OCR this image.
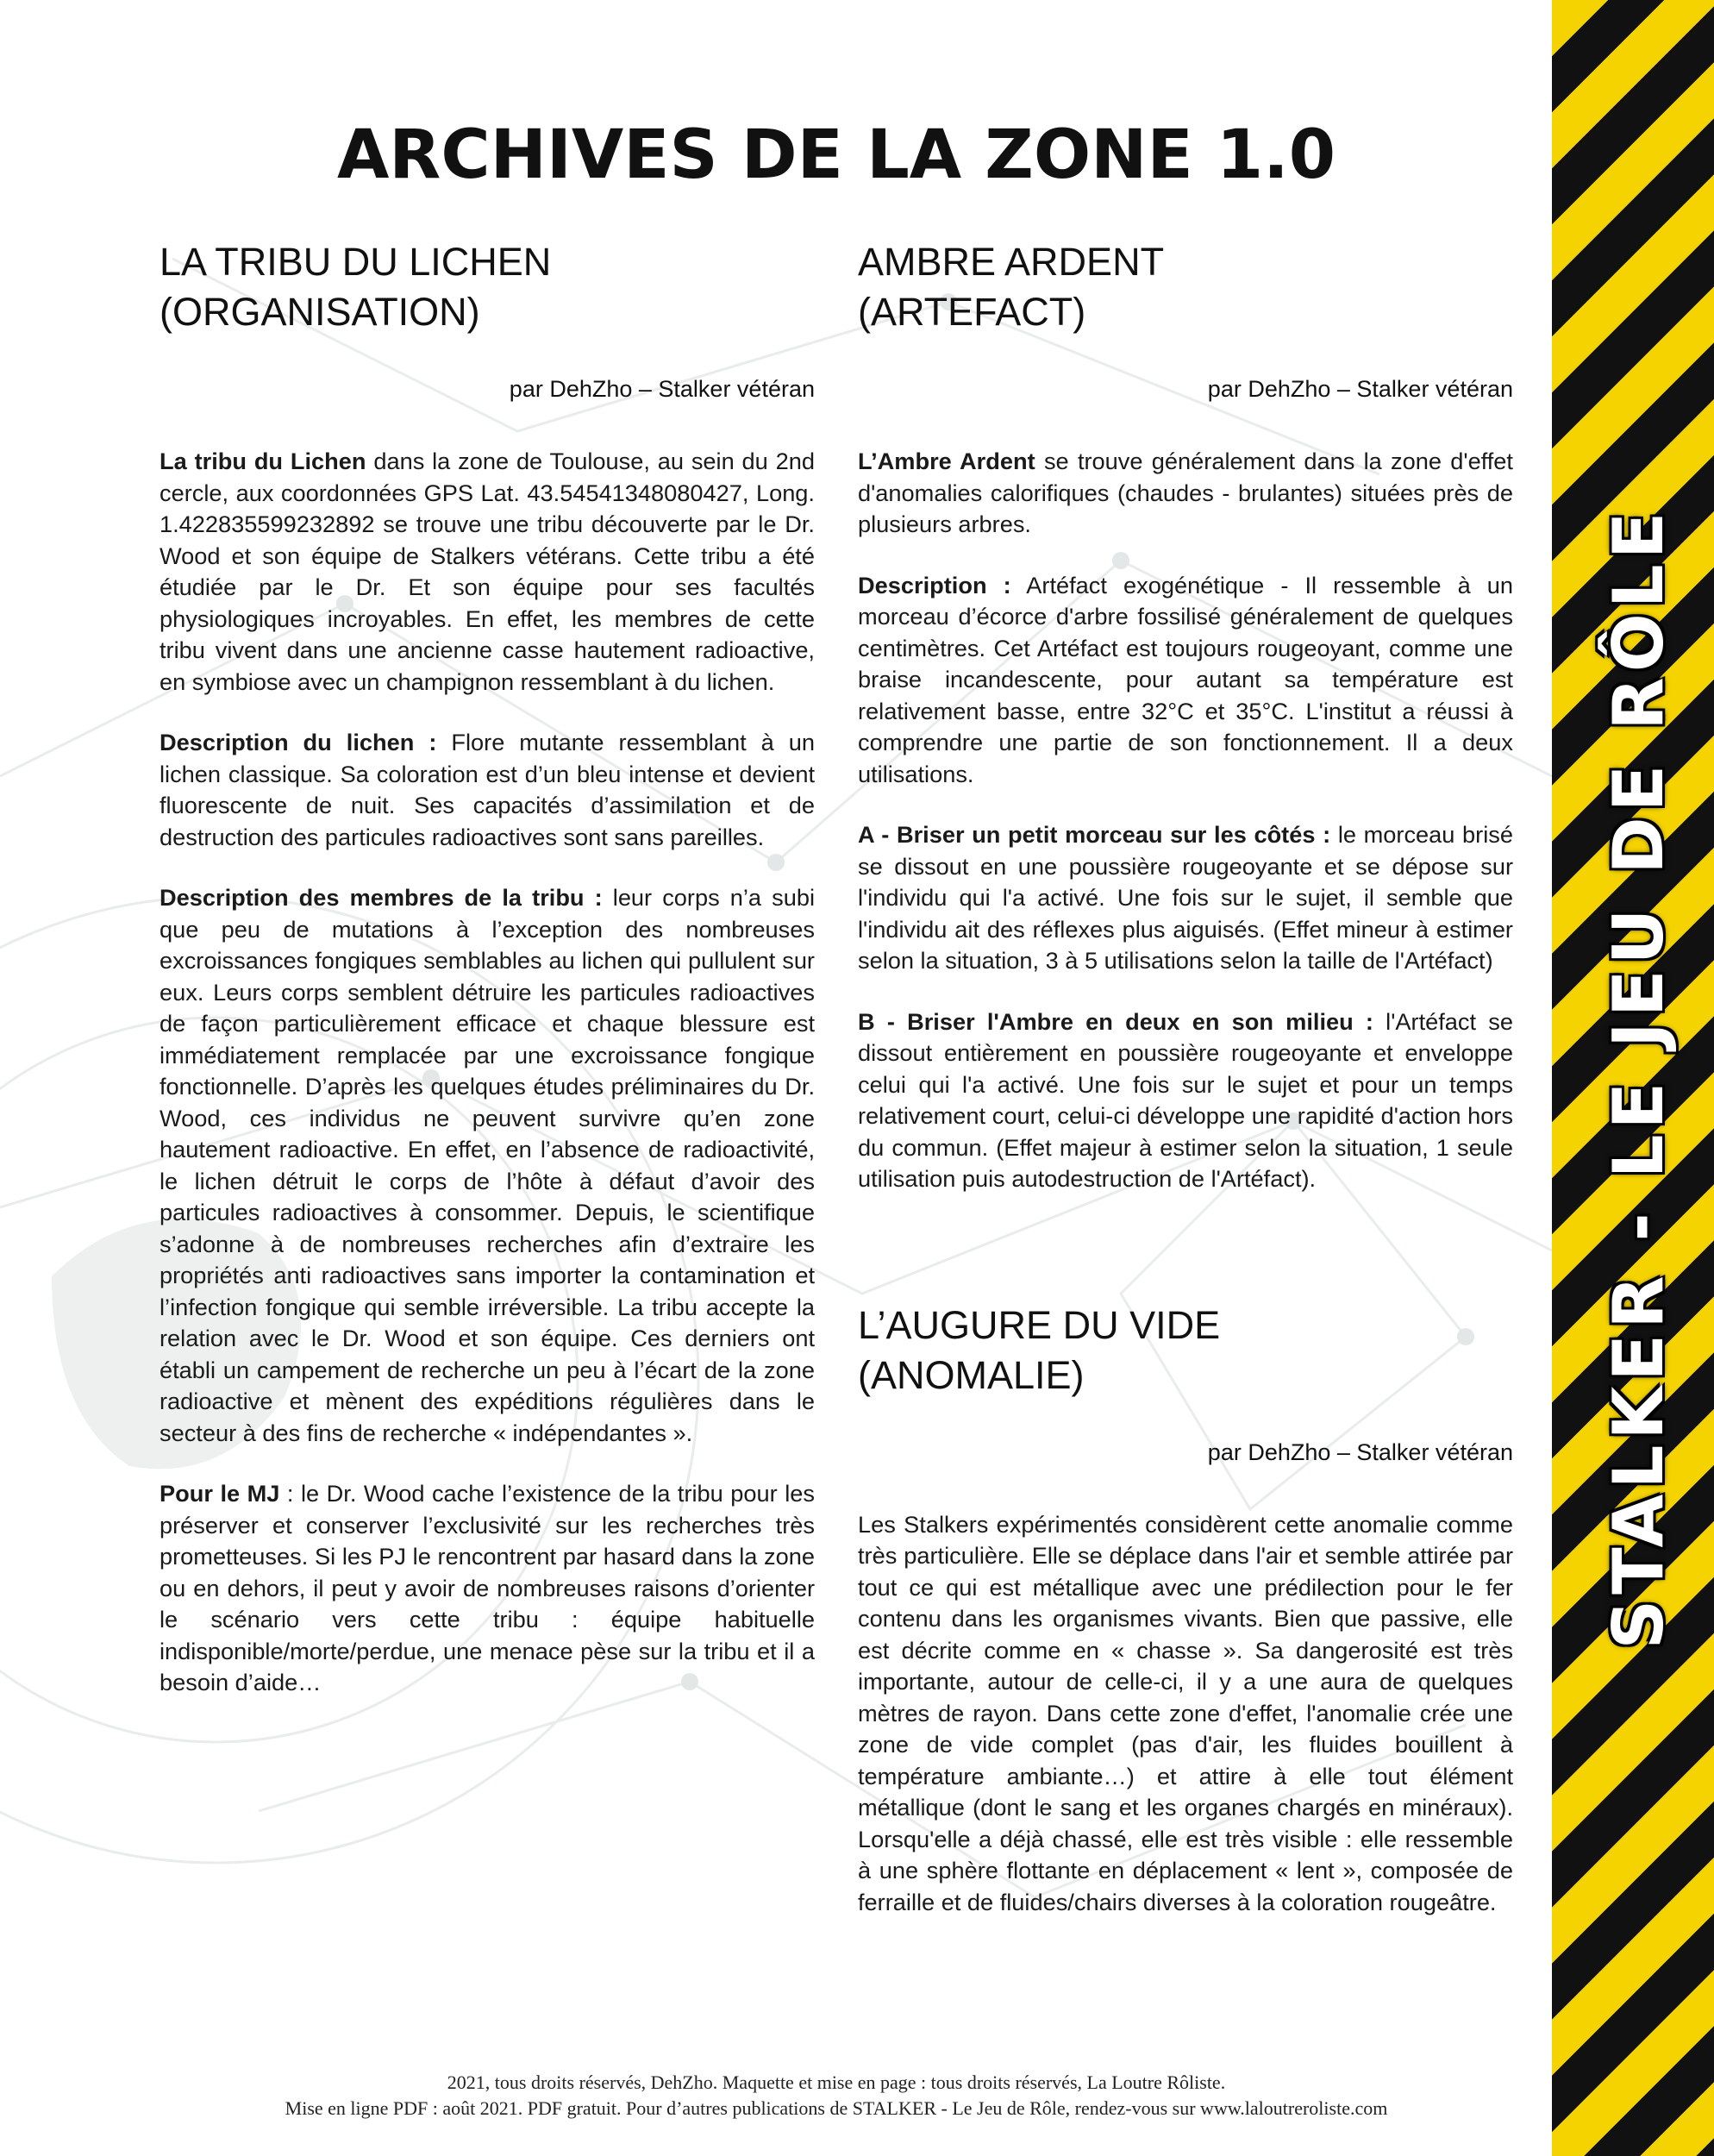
STALKER - LE JEU DE RÔLE
ARCHIVES DE LA ZONE 1.0
LA TRIBU DU LICHEN
(ORGANISATION)
par DehZho – Stalker vétéran

La tribu du Lichen dans la zone de Toulouse, au sein du 2nd cercle, aux coordonnées GPS Lat. 43.54541348080427, Long. 1.422835599232892 se trouve une tribu découverte par le Dr. Wood et son équipe de Stalkers vétérans. Cette tribu a été étudiée par le Dr. Et son équipe pour ses facultés physiologiques incroyables. En effet, les membres de cette tribu vivent dans une ancienne casse hautement radioactive, en symbiose avec un champignon ressemblant à du lichen.

Description du lichen : Flore mutante ressemblant à un lichen classique. Sa coloration est d’un bleu intense et devient fluorescente de nuit. Ses capacités d’assimilation et de destruction des particules radioactives sont sans pareilles.

Description des membres de la tribu : leur corps n’a subi que peu de mutations à l’exception des nombreuses excroissances fongiques semblables au lichen qui pullulent sur eux. Leurs corps semblent détruire les particules radioactives de façon particulièrement efficace et chaque blessure est immédiatement remplacée par une excroissance fongique fonctionnelle. D’après les quelques études préliminaires du Dr. Wood, ces individus ne peuvent survivre qu’en zone hautement radioactive. En effet, en l’absence de radioactivité, le lichen détruit le corps de l’hôte à défaut d’avoir des particules radioactives à consommer. Depuis, le scientifique s’adonne à de nombreuses recherches afin d’extraire les propriétés anti radioactives sans importer la contamination et l’infection fongique qui semble irréversible. La tribu accepte la relation avec le Dr. Wood et son équipe. Ces derniers ont établi un campement de recherche un peu à l’écart de la zone radioactive et mènent des expéditions régulières dans le secteur à des fins de recherche « indépendantes ».

Pour le MJ : le Dr. Wood cache l’existence de la tribu pour les préserver et conserver l’exclusivité sur les recherches très prometteuses. Si les PJ le rencontrent par hasard dans la zone ou en dehors, il peut y avoir de nombreuses raisons d’orienter le scénario vers cette tribu : équipe habituelle indisponible/morte/perdue, une menace pèse sur la tribu et il a besoin d’aide…

AMBRE ARDENT
(ARTEFACT)
par DehZho – Stalker vétéran

L’Ambre Ardent se trouve généralement dans la zone d'effet d'anomalies calorifiques (chaudes - brulantes) situées près de plusieurs arbres.

Description : Artéfact exogénétique - Il ressemble à un morceau d’écorce d'arbre fossilisé généralement de quelques centimètres. Cet Artéfact est toujours rougeoyant, comme une braise incandescente, pour autant sa température est relativement basse, entre 32°C et 35°C. L'institut a réussi à comprendre une partie de son fonctionnement. Il a deux utilisations.

A - Briser un petit morceau sur les côtés : le morceau brisé se dissout en une poussière rougeoyante et se dépose sur l'individu qui l'a activé. Une fois sur le sujet, il semble que l'individu ait des réflexes plus aiguisés. (Effet mineur à estimer selon la situation, 3 à 5 utilisations selon la taille de l'Artéfact)

B - Briser l'Ambre en deux en son milieu : l'Artéfact se dissout entièrement en poussière rougeoyante et enveloppe celui qui l'a activé. Une fois sur le sujet et pour un temps relativement court, celui-ci développe une rapidité d'action hors du commun. (Effet majeur à estimer selon la situation, 1 seule utilisation puis autodestruction de l'Artéfact).

L’AUGURE DU VIDE
(ANOMALIE)
par DehZho – Stalker vétéran

Les Stalkers expérimentés considèrent cette anomalie comme très particulière. Elle se déplace dans l'air et semble attirée par tout ce qui est métallique avec une prédilection pour le fer contenu dans les organismes vivants. Bien que passive, elle est décrite comme en « chasse ». Sa dangerosité est très importante, autour de celle-ci, il y a une aura de quelques mètres de rayon. Dans cette zone d'effet, l'anomalie crée une zone de vide complet (pas d'air, les fluides bouillent à température ambiante…) et attire à elle tout élément métallique (dont le sang et les organes chargés en minéraux). Lorsqu'elle a déjà chassé, elle est très visible : elle ressemble à une sphère flottante en déplacement « lent », composée de ferraille et de fluides/chairs diverses à la coloration rougeâtre.

2021, tous droits réservés, DehZho. Maquette et mise en page : tous droits réservés, La Loutre Rôliste.
Mise en ligne PDF : août 2021. PDF gratuit. Pour d’autres publications de STALKER - Le Jeu de Rôle, rendez-vous sur www.laloutreroliste.com
